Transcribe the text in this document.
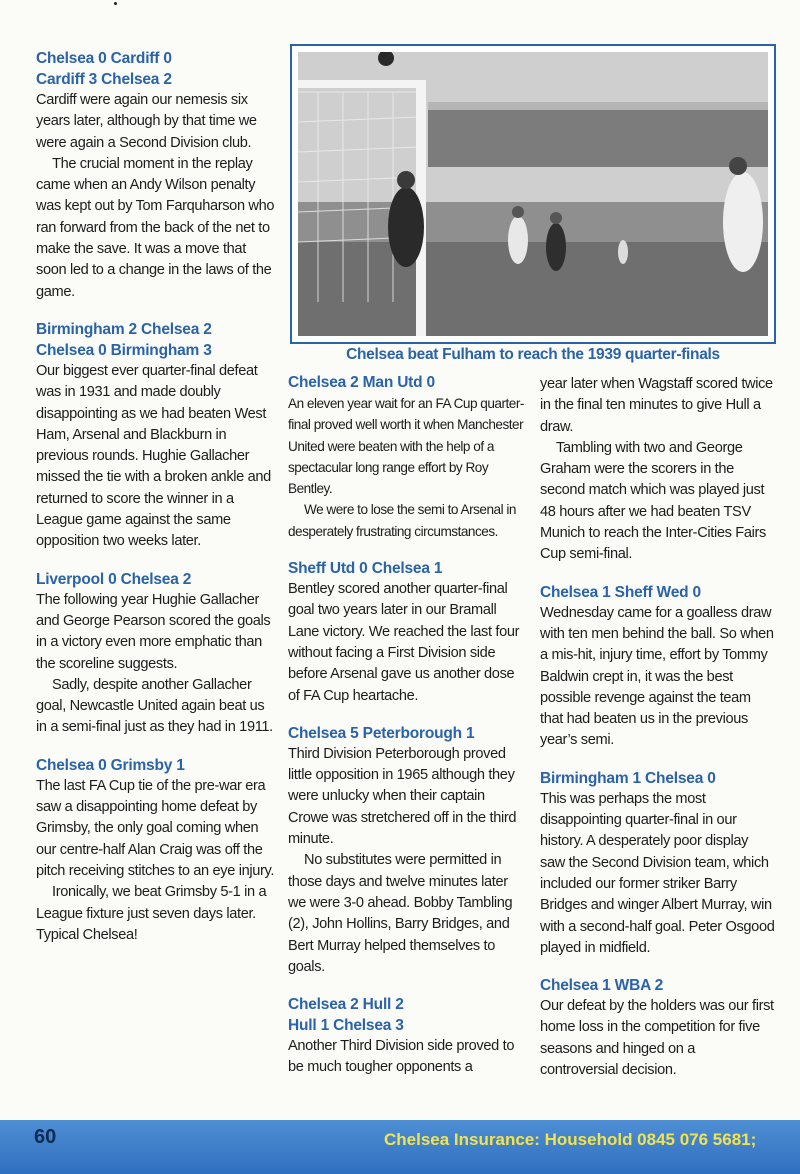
Chelsea 0 Cardiff 0
Cardiff 3 Chelsea 2

Cardiff were again our nemesis six years later, although by that time we were again a Second Division club.

The crucial moment in the replay came when an Andy Wilson penalty was kept out by Tom Farquharson who ran forward from the back of the net to make the save. It was a move that soon led to a change in the laws of the game.

Birmingham 2 Chelsea 2
Chelsea 0 Birmingham 3

Our biggest ever quarter-final defeat was in 1931 and made doubly disappointing as we had beaten West Ham, Arsenal and Blackburn in previous rounds. Hughie Gallacher missed the tie with a broken ankle and returned to score the winner in a League game against the same opposition two weeks later.

Liverpool 0 Chelsea 2

The following year Hughie Gallacher and George Pearson scored the goals in a victory even more emphatic than the scoreline suggests.

Sadly, despite another Gallacher goal, Newcastle United again beat us in a semi-final just as they had in 1911.

Chelsea 0 Grimsby 1

The last FA Cup tie of the pre-war era saw a disappointing home defeat by Grimsby, the only goal coming when our centre-half Alan Craig was off the pitch receiving stitches to an eye injury.

Ironically, we beat Grimsby 5-1 in a League fixture just seven days later. Typical Chelsea!

Chelsea beat Fulham to reach the 1939 quarter-finals
Chelsea 2 Man Utd 0

An eleven year wait for an FA Cup quarter-final proved well worth it when Manchester United were beaten with the help of a spectacular long range effort by Roy Bentley.

We were to lose the semi to Arsenal in desperately frustrating circumstances.

Sheff Utd 0 Chelsea 1

Bentley scored another quarter-final goal two years later in our Bramall Lane victory. We reached the last four without facing a First Division side before Arsenal gave us another dose of FA Cup heartache.

Chelsea 5 Peterborough 1

Third Division Peterborough proved little opposition in 1965 although they were unlucky when their captain Crowe was stretchered off in the third minute.

No substitutes were permitted in those days and twelve minutes later we were 3-0 ahead. Bobby Tambling (2), John Hollins, Barry Bridges, and Bert Murray helped themselves to goals.

Chelsea 2 Hull 2
Hull 1 Chelsea 3

Another Third Division side proved to be much tougher opponents a

year later when Wagstaff scored twice in the final ten minutes to give Hull a draw.

Tambling with two and George Graham were the scorers in the second match which was played just 48 hours after we had beaten TSV Munich to reach the Inter-Cities Fairs Cup semi-final.

Chelsea 1 Sheff Wed 0

Wednesday came for a goalless draw with ten men behind the ball. So when a mis-hit, injury time, effort by Tommy Baldwin crept in, it was the best possible revenge against the team that had beaten us in the previous year’s semi.

Birmingham 1 Chelsea 0

This was perhaps the most disappointing quarter-final in our history. A desperately poor display saw the Second Division team, which included our former striker Barry Bridges and winger Albert Murray, win with a second-half goal. Peter Osgood played in midfield.

Chelsea 1 WBA 2

Our defeat by the holders was our first home loss in the competition for five seasons and hinged on a controversial decision.

60	Chelsea Insurance: Household 0845 076 5681;
